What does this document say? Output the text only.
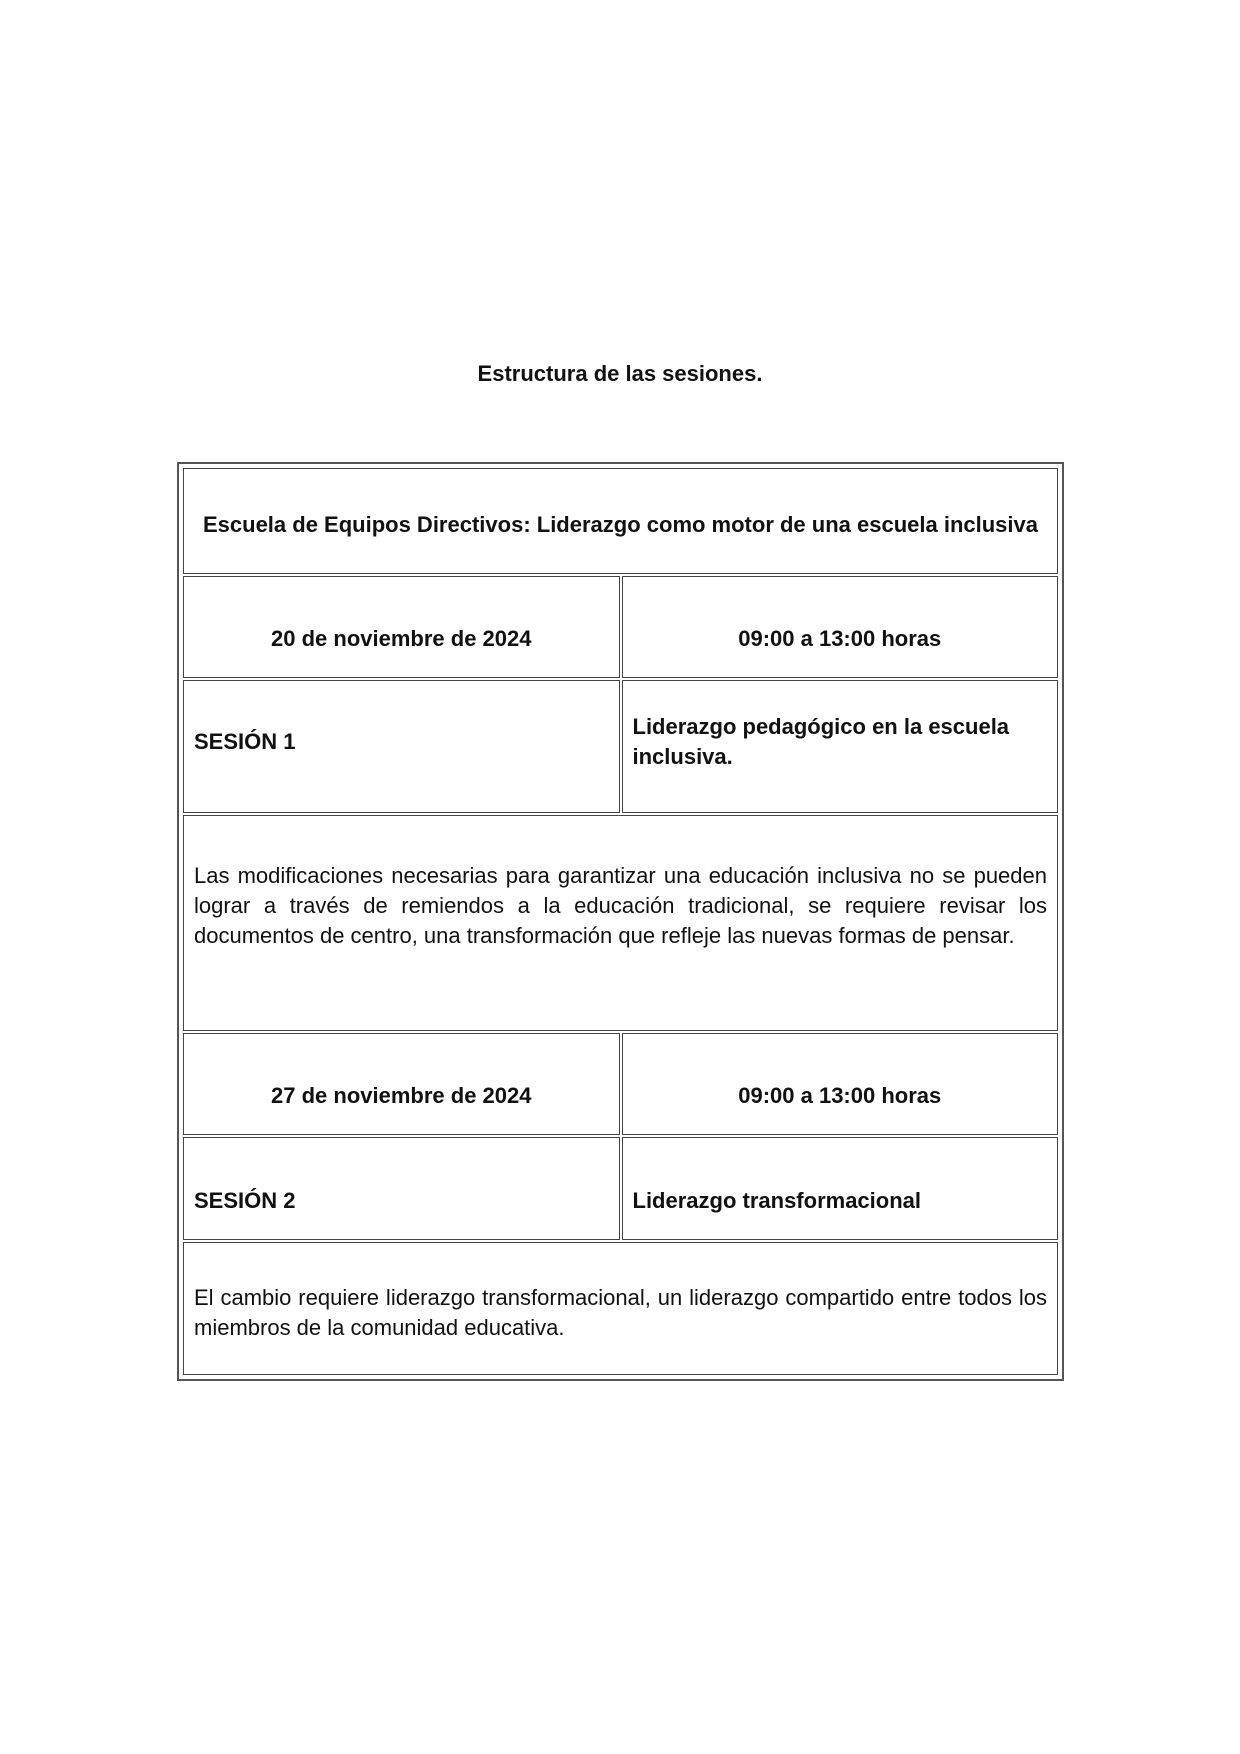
Estructura de las sesiones.
Escuela de Equipos Directivos: Liderazgo como motor de una escuela inclusiva	

20 de noviembre de 2024	09:00 a 13:00 horas

SESIÓN 1	Liderazgo pedagógico en la escuela inclusiva.

Las modificaciones necesarias para garantizar una educación inclusiva no se pueden lograr a través de remiendos a la educación tradicional, se requiere revisar los documentos de centro, una transformación que refleje las nuevas formas de pensar.	

27 de noviembre de 2024	09:00 a 13:00 horas

SESIÓN 2	Liderazgo transformacional

El cambio requiere liderazgo transformacional, un liderazgo compartido entre todos los miembros de la comunidad educativa.	
